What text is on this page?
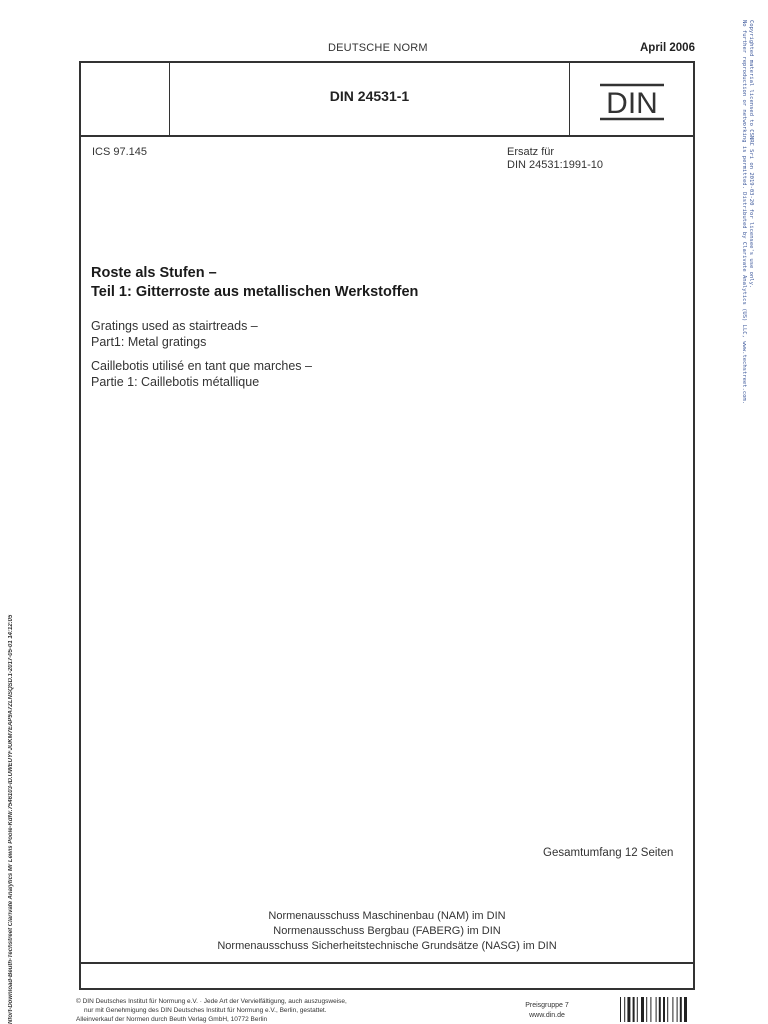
DEUTSCHE NORM	April 2006
DIN 24531-1	DIN
ICS 97.145	Ersatz für
DIN 24531:1991-10
Roste als Stufen –
Teil 1: Gitterroste aus metallischen Werkstoffen
Gratings used as stairtreads –
Part1: Metal gratings
Caillebotis utilisé en tant que marches –
Partie 1: Caillebotis métallique
Gesamtumfang 12 Seiten
Normenausschuss Maschinenbau (NAM) im DIN
Normenausschuss Bergbau (FABERG) im DIN
Normenausschuss Sicherheitstechnische Grundsätze (NASG) im DIN
© DIN Deutsches Institut für Normung e.V. · Jede Art der Vervielfältigung, auch auszugsweise,
nur mit Genehmigung des DIN Deutsches Institut für Normung e.V., Berlin, gestattet.
Alleinverkauf der Normen durch Beuth Verlag GmbH, 10772 Berlin
Preisgruppe 7
www.din.de
Copyrighted material licensed to CSNRC Sri on 2019-03-20 for licensee's use only.
No further reproduction or networking is permitted. Distributed by Clarivate Analytics (US) LLC, www.techstreet.com.
Nfort-Download-Beuth-Techstreet Clarivate Analytics Mr Lewis Poole-KdNr.7546103-ID.UWEUYFJUKM7EAP9A7ZLNSQSD.1-2017-05-01 14:12:05
